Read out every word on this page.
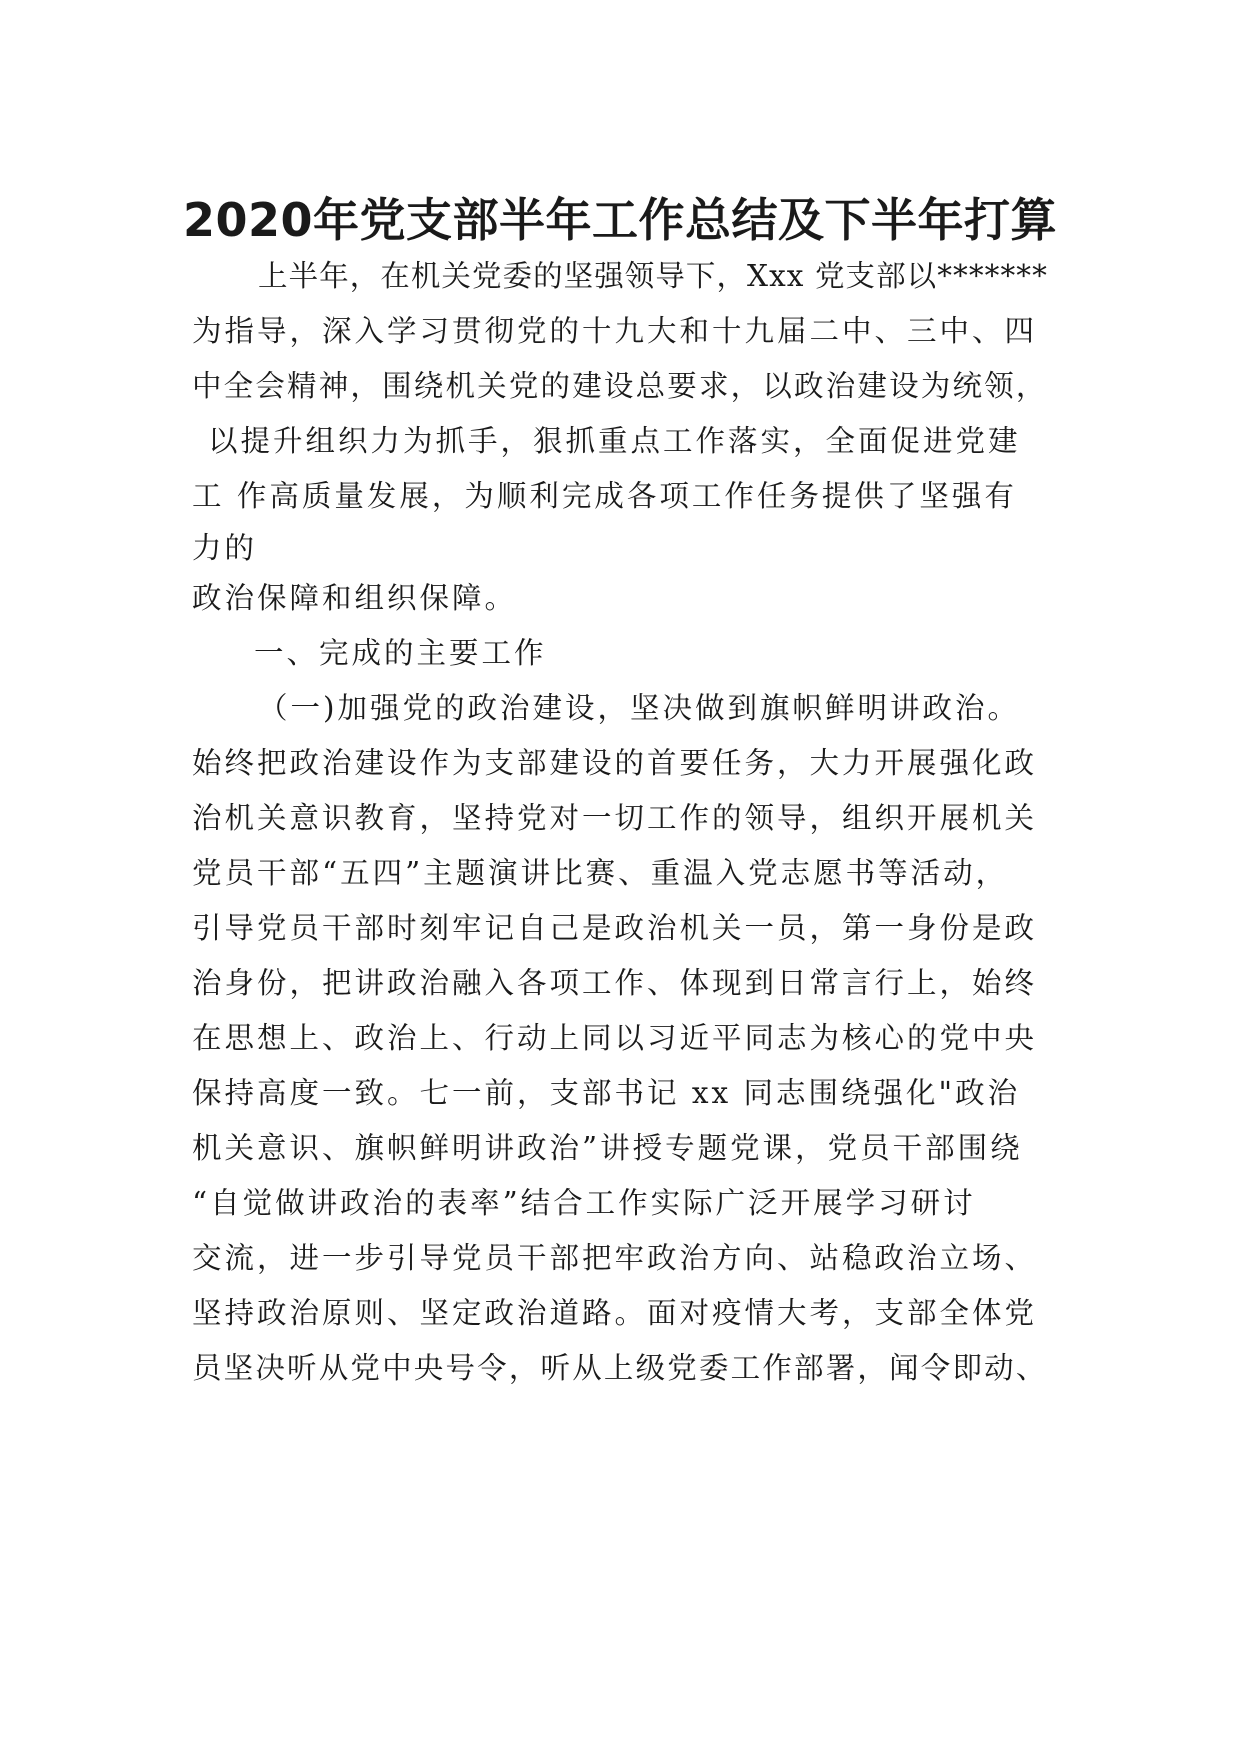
2020年党支部半年工作总结及下半年打算

上半年，在机关党委的坚强领导下，Xxx 党支部以*******

为指导，深入学习贯彻党的十九大和十九届二中、三中、四

中全会精神，围绕机关党的建设总要求，以政治建设为统领，

以提升组织力为抓手，狠抓重点工作落实，全面促进党建

工 作高质量发展，为顺利完成各项工作任务提供了坚强有

力的

政治保障和组织保障。

一、完成的主要工作

（一)加强党的政治建设，坚决做到旗帜鲜明讲政治。

始终把政治建设作为支部建设的首要任务，大力开展强化政

治机关意识教育，坚持党对一切工作的领导，组织开展机关

党员干部“五四”主题演讲比赛、重温入党志愿书等活动，

引导党员干部时刻牢记自己是政治机关一员，第一身份是政

治身份，把讲政治融入各项工作、体现到日常言行上，始终

在思想上、政治上、行动上同以习近平同志为核心的党中央

保持高度一致。七一前，支部书记 xx 同志围绕强化"政治

机关意识、旗帜鲜明讲政治”讲授专题党课，党员干部围绕

“自觉做讲政治的表率”结合工作实际广泛开展学习研讨

交流，进一步引导党员干部把牢政治方向、站稳政治立场、

坚持政治原则、坚定政治道路。面对疫情大考，支部全体党

员坚决听从党中央号令，听从上级党委工作部署，闻令即动、
